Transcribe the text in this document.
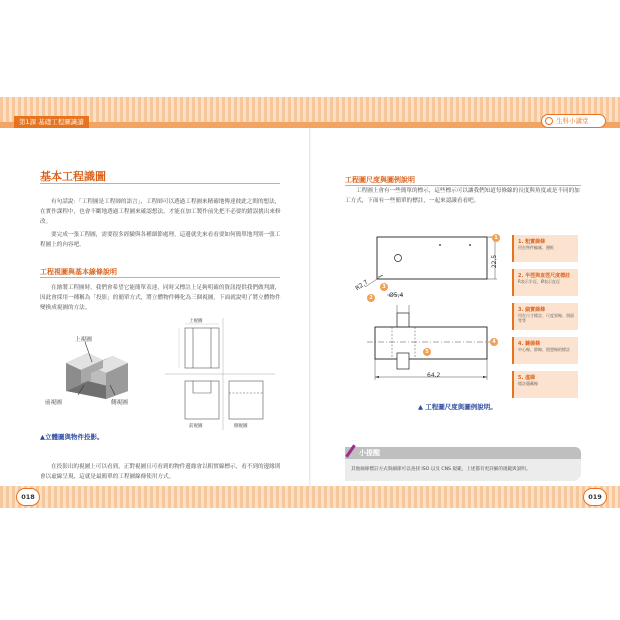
第1課 基礎工程圖識讀	生科小講堂
基本工程識圖

有句話說：「工程圖是工程師的語言」，工程師可以透過工程圖來精確地傳達彼此之間的想法，在實作課程中，也會不斷地透過工程圖來確認想法，才能在加工製作前先把不必要的錯誤挑出來修改。

要完成一張工程圖，需要很多經驗與各種細節處理，這邊就先來看看要如何簡單地判別一張工程圖上的內容吧。

工程視圖與基本線條說明

在繪製工程圖時，我們會希望它能簡單表達，同時又標註上足夠明確的資訊提供我們做判讀，因此會採用一種稱為「投影」的簡單方式，將立體物件轉化為三個視圖，下面就說明了將立體物件變換成視圖的方法。

上視圖
前視圖	側視圖
上視圖
前視圖	側視圖
▲立體圖與物件投影。

在投影出的視圖上可以看到，正對視圖且可看到的物件邊緣會以粗實線標示，看不到的邊緣則會以虛線呈現，這就是最簡單的工程圖線條使用方式。

工程圖尺度與圖例說明

工程圖上會有一些簡單的標示，這些標示可以讓我們知道每條線的長度與角度或是不同的加工方式，下面有一些簡單的標註，一起來認識看看吧。

22,5
R2,7
Ø5,4
64,2
1
2
3
4
5
1. 粗實線條
用在物件輪廓、邊框
2. 半徑與直徑尺度標註
R表示半徑，Ø表示直徑
3. 細實線條
用在尺寸標註、尺度界線、剖面等等
4. 鏈線條
中心線、節線、假想線的標註
5. 虛線
標註隱藏線
▲ 工程圖尺度與圖例說明。
小提醒
其他線條標註方式與細節可以查找 ISO 以及 CNS 規範，上述都有更詳細的規範與說明。
018	019
